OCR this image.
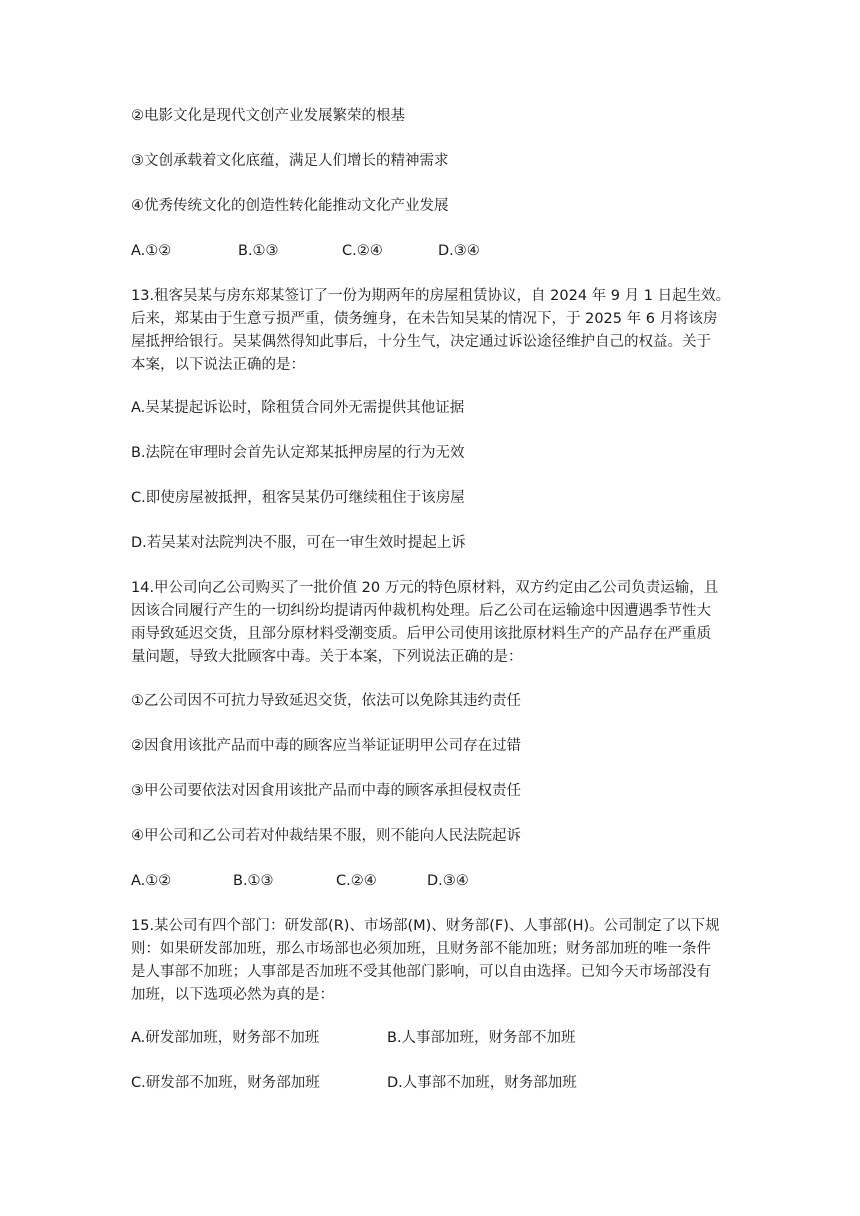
②电影文化是现代文创产业发展繁荣的根基
③文创承载着文化底蕴，满足人们增长的精神需求
④优秀传统文化的创造性转化能推动文化产业发展
A.①②	B.①③	C.②④	D.③④
13.租客吴某与房东郑某签订了一份为期两年的房屋租赁协议，自 2024 年 9 月 1 日起生效。
后来，郑某由于生意亏损严重，债务缠身，在未告知吴某的情况下，于 2025 年 6 月将该房
屋抵押给银行。吴某偶然得知此事后，十分生气，决定通过诉讼途径维护自己的权益。关于
本案，以下说法正确的是：
A.吴某提起诉讼时，除租赁合同外无需提供其他证据
B.法院在审理时会首先认定郑某抵押房屋的行为无效
C.即使房屋被抵押，租客吴某仍可继续租住于该房屋
D.若吴某对法院判决不服，可在一审生效时提起上诉
14.甲公司向乙公司购买了一批价值 20 万元的特色原材料，双方约定由乙公司负责运输，且
因该合同履行产生的一切纠纷均提请丙仲裁机构处理。后乙公司在运输途中因遭遇季节性大
雨导致延迟交货，且部分原材料受潮变质。后甲公司使用该批原材料生产的产品存在严重质
量问题，导致大批顾客中毒。关于本案，下列说法正确的是：
①乙公司因不可抗力导致延迟交货，依法可以免除其违约责任
②因食用该批产品而中毒的顾客应当举证证明甲公司存在过错
③甲公司要依法对因食用该批产品而中毒的顾客承担侵权责任
④甲公司和乙公司若对仲裁结果不服，则不能向人民法院起诉
A.①②	B.①③	C.②④	D.③④
15.某公司有四个部门：研发部(R)、市场部(M)、财务部(F)、人事部(H)。公司制定了以下规
则：如果研发部加班，那么市场部也必须加班，且财务部不能加班；财务部加班的唯一条件
是人事部不加班；人事部是否加班不受其他部门影响，可以自由选择。已知今天市场部没有
加班，以下选项必然为真的是：
A.研发部加班，财务部不加班	B.人事部加班，财务部不加班
C.研发部不加班，财务部加班	D.人事部不加班，财务部加班
